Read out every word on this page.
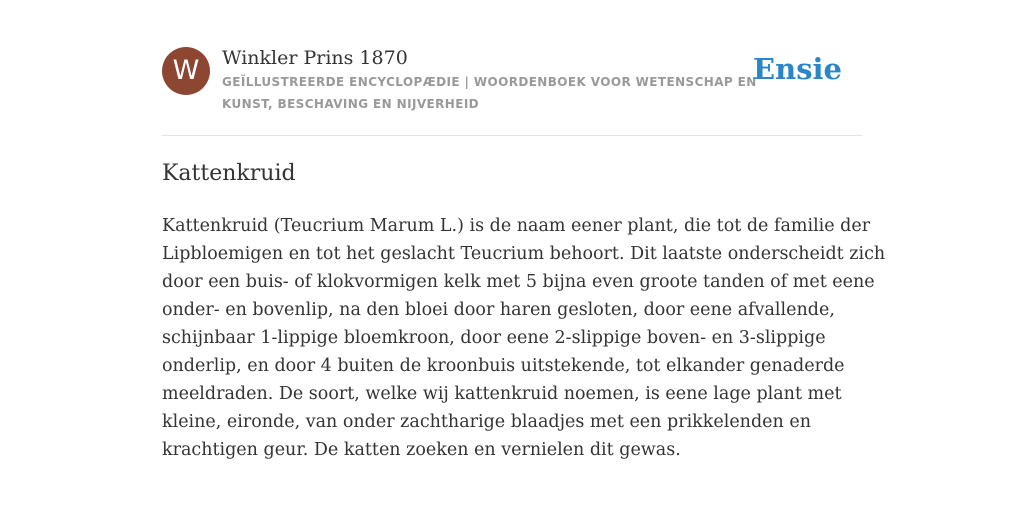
W	Winkler Prins 1870
GEÏLLUSTREERDE ENCYCLOPÆDIE | WOORDENBOEK VOOR WETENSCHAP EN
KUNST, BESCHAVING EN NIJVERHEID
Ensie
Kattenkruid
Kattenkruid (Teucrium Marum L.) is de naam eener plant, die tot de familie der
Lipbloemigen en tot het geslacht Teucrium behoort. Dit laatste onderscheidt zich
door een buis- of klokvormigen kelk met 5 bijna even groote tanden of met eene
onder- en bovenlip, na den bloei door haren gesloten, door eene afvallende,
schijnbaar 1-lippige bloemkroon, door eene 2-slippige boven- en 3-slippige
onderlip, en door 4 buiten de kroonbuis uitstekende, tot elkander genaderde
meeldraden. De soort, welke wij kattenkruid noemen, is eene lage plant met
kleine, eironde, van onder zachtharige blaadjes met een prikkelenden en
krachtigen geur. De katten zoeken en vernielen dit gewas.
